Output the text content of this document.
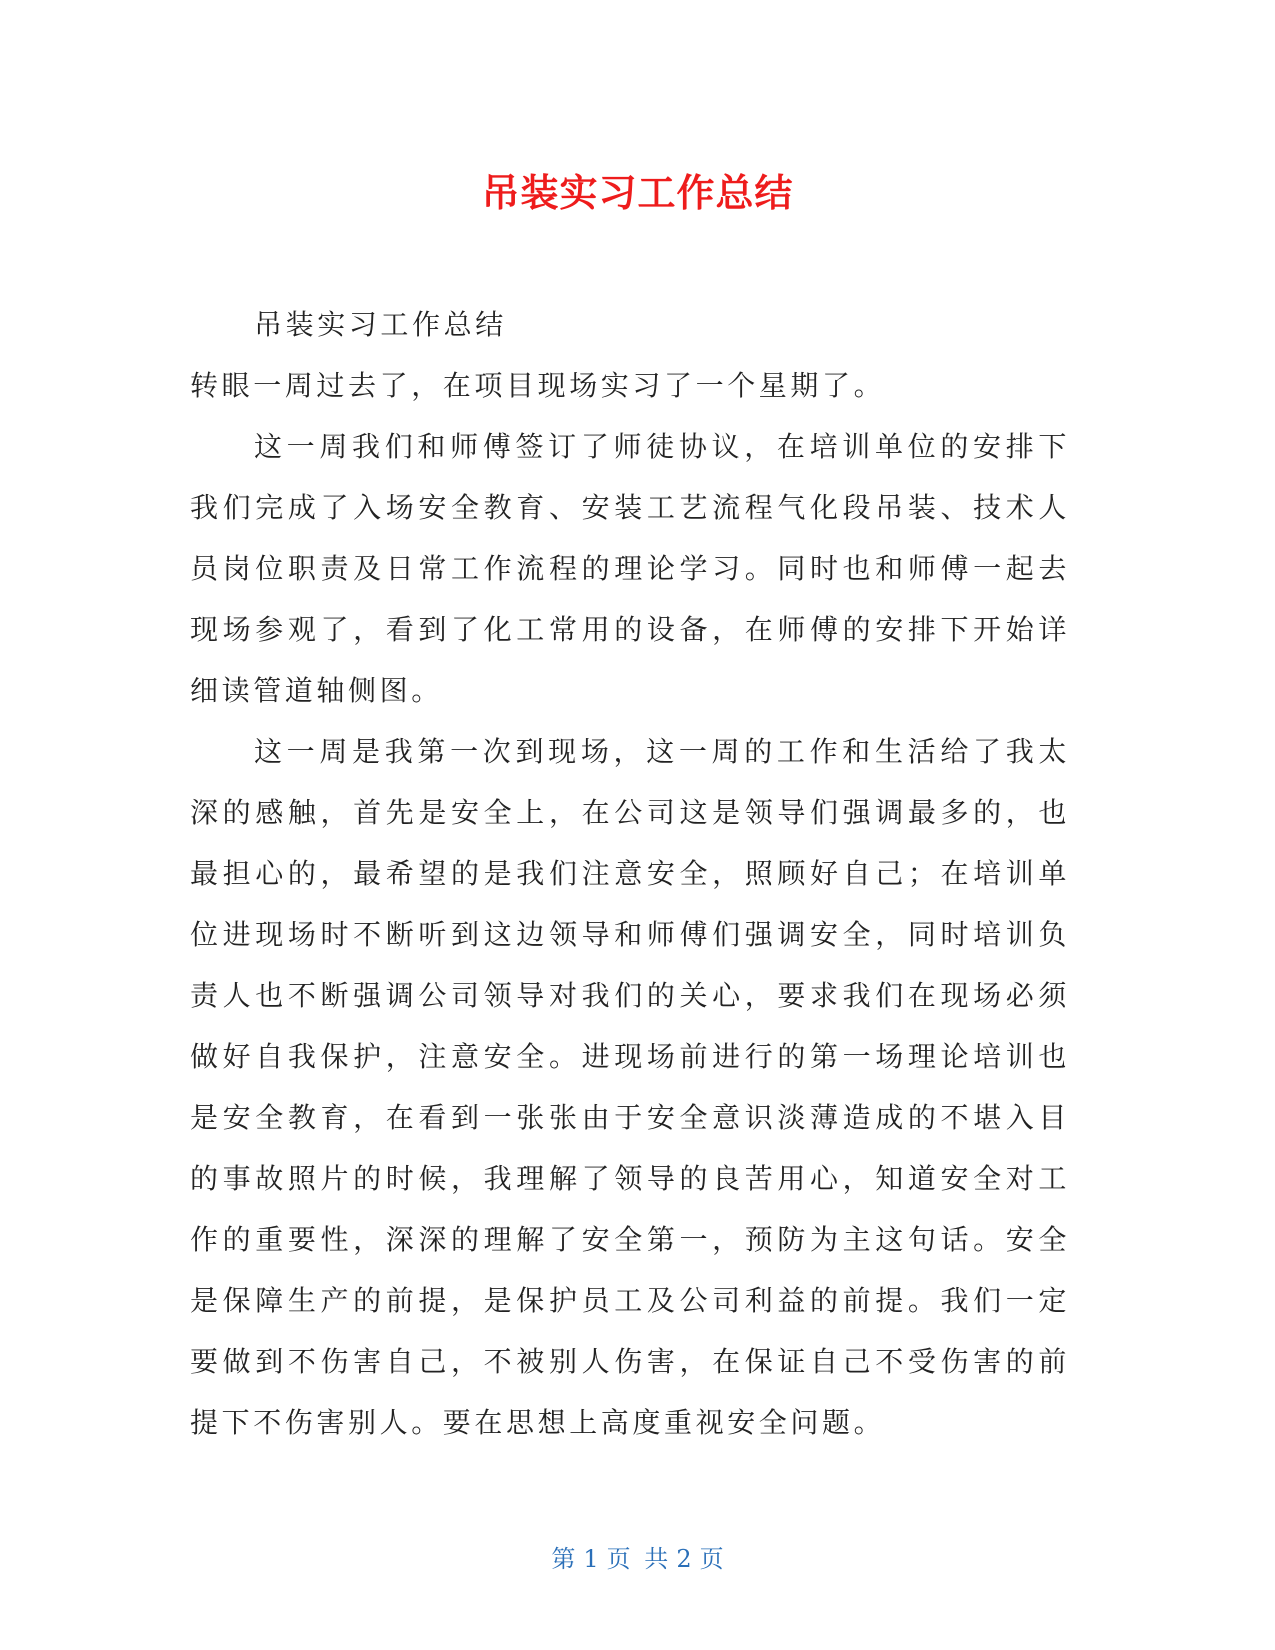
吊装实习工作总结

吊装实习工作总结

转眼一周过去了，在项目现场实习了一个星期了。

这一周我们和师傅签订了师徒协议，在培训单位的安排下我们完成了入场安全教育、安装工艺流程气化段吊装、技术人员岗位职责及日常工作流程的理论学习。同时也和师傅一起去现场参观了，看到了化工常用的设备，在师傅的安排下开始详细读管道轴侧图。

这一周是我第一次到现场，这一周的工作和生活给了我太深的感触，首先是安全上，在公司这是领导们强调最多的，也最担心的，最希望的是我们注意安全，照顾好自己；在培训单位进现场时不断听到这边领导和师傅们强调安全，同时培训负责人也不断强调公司领导对我们的关心，要求我们在现场必须做好自我保护，注意安全。进现场前进行的第一场理论培训也是安全教育，在看到一张张由于安全意识淡薄造成的不堪入目的事故照片的时候，我理解了领导的良苦用心，知道安全对工作的重要性，深深的理解了安全第一，预防为主这句话。安全是保障生产的前提，是保护员工及公司利益的前提。我们一定要做到不伤害自己，不被别人伤害，在保证自己不受伤害的前提下不伤害别人。要在思想上高度重视安全问题。

第 1 页 共 2 页
